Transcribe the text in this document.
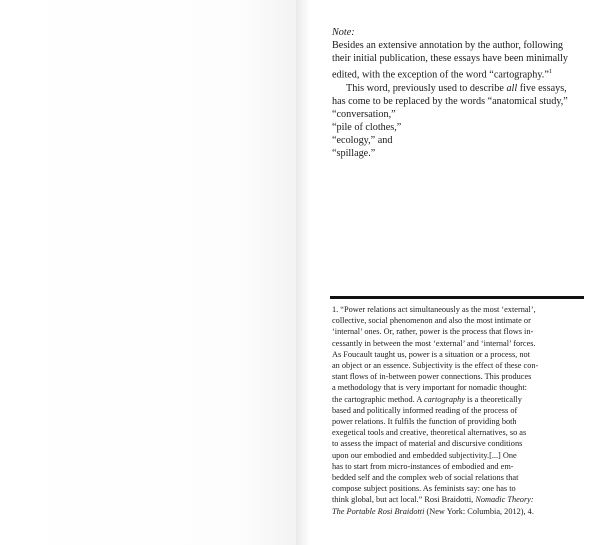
Note:
Besides an extensive annotation by the author, following
their initial publication, these essays have been minimally
edited, with the exception of the word “cartography.”$^1$
This word, previously used to describe all five essays,
has come to be replaced by the words “anatomical study,”
“conversation,”
“pile of clothes,”
“ecology,” and
“spillage.”
1. “Power relations act simultaneously as the most ‘external’,
collective, social phenomenon and also the most intimate or
‘internal’ ones. Or, rather, power is the process that flows in-
cessantly in between the most ‘external’ and ‘internal’ forces.
As Foucault taught us, power is a situation or a process, not
an object or an essence. Subjectivity is the effect of these con-
stant flows of in-between power connections. This produces
a methodology that is very important for nomadic thought:
the cartographic method. A cartography is a theoretically
based and politically informed reading of the process of
power relations. It fulfils the function of providing both
exegetical tools and creative, theoretical alternatives, so as
to assess the impact of material and discursive conditions
upon our embodied and embedded subjectivity.[...] One
has to start from micro-instances of embodied and em-
bedded self and the complex web of social relations that
compose subject positions. As feminists say: one has to
think global, but act local.” Rosi Braidotti, Nomadic Theory:
The Portable Rosi Braidotti (New York: Columbia, 2012), 4.
